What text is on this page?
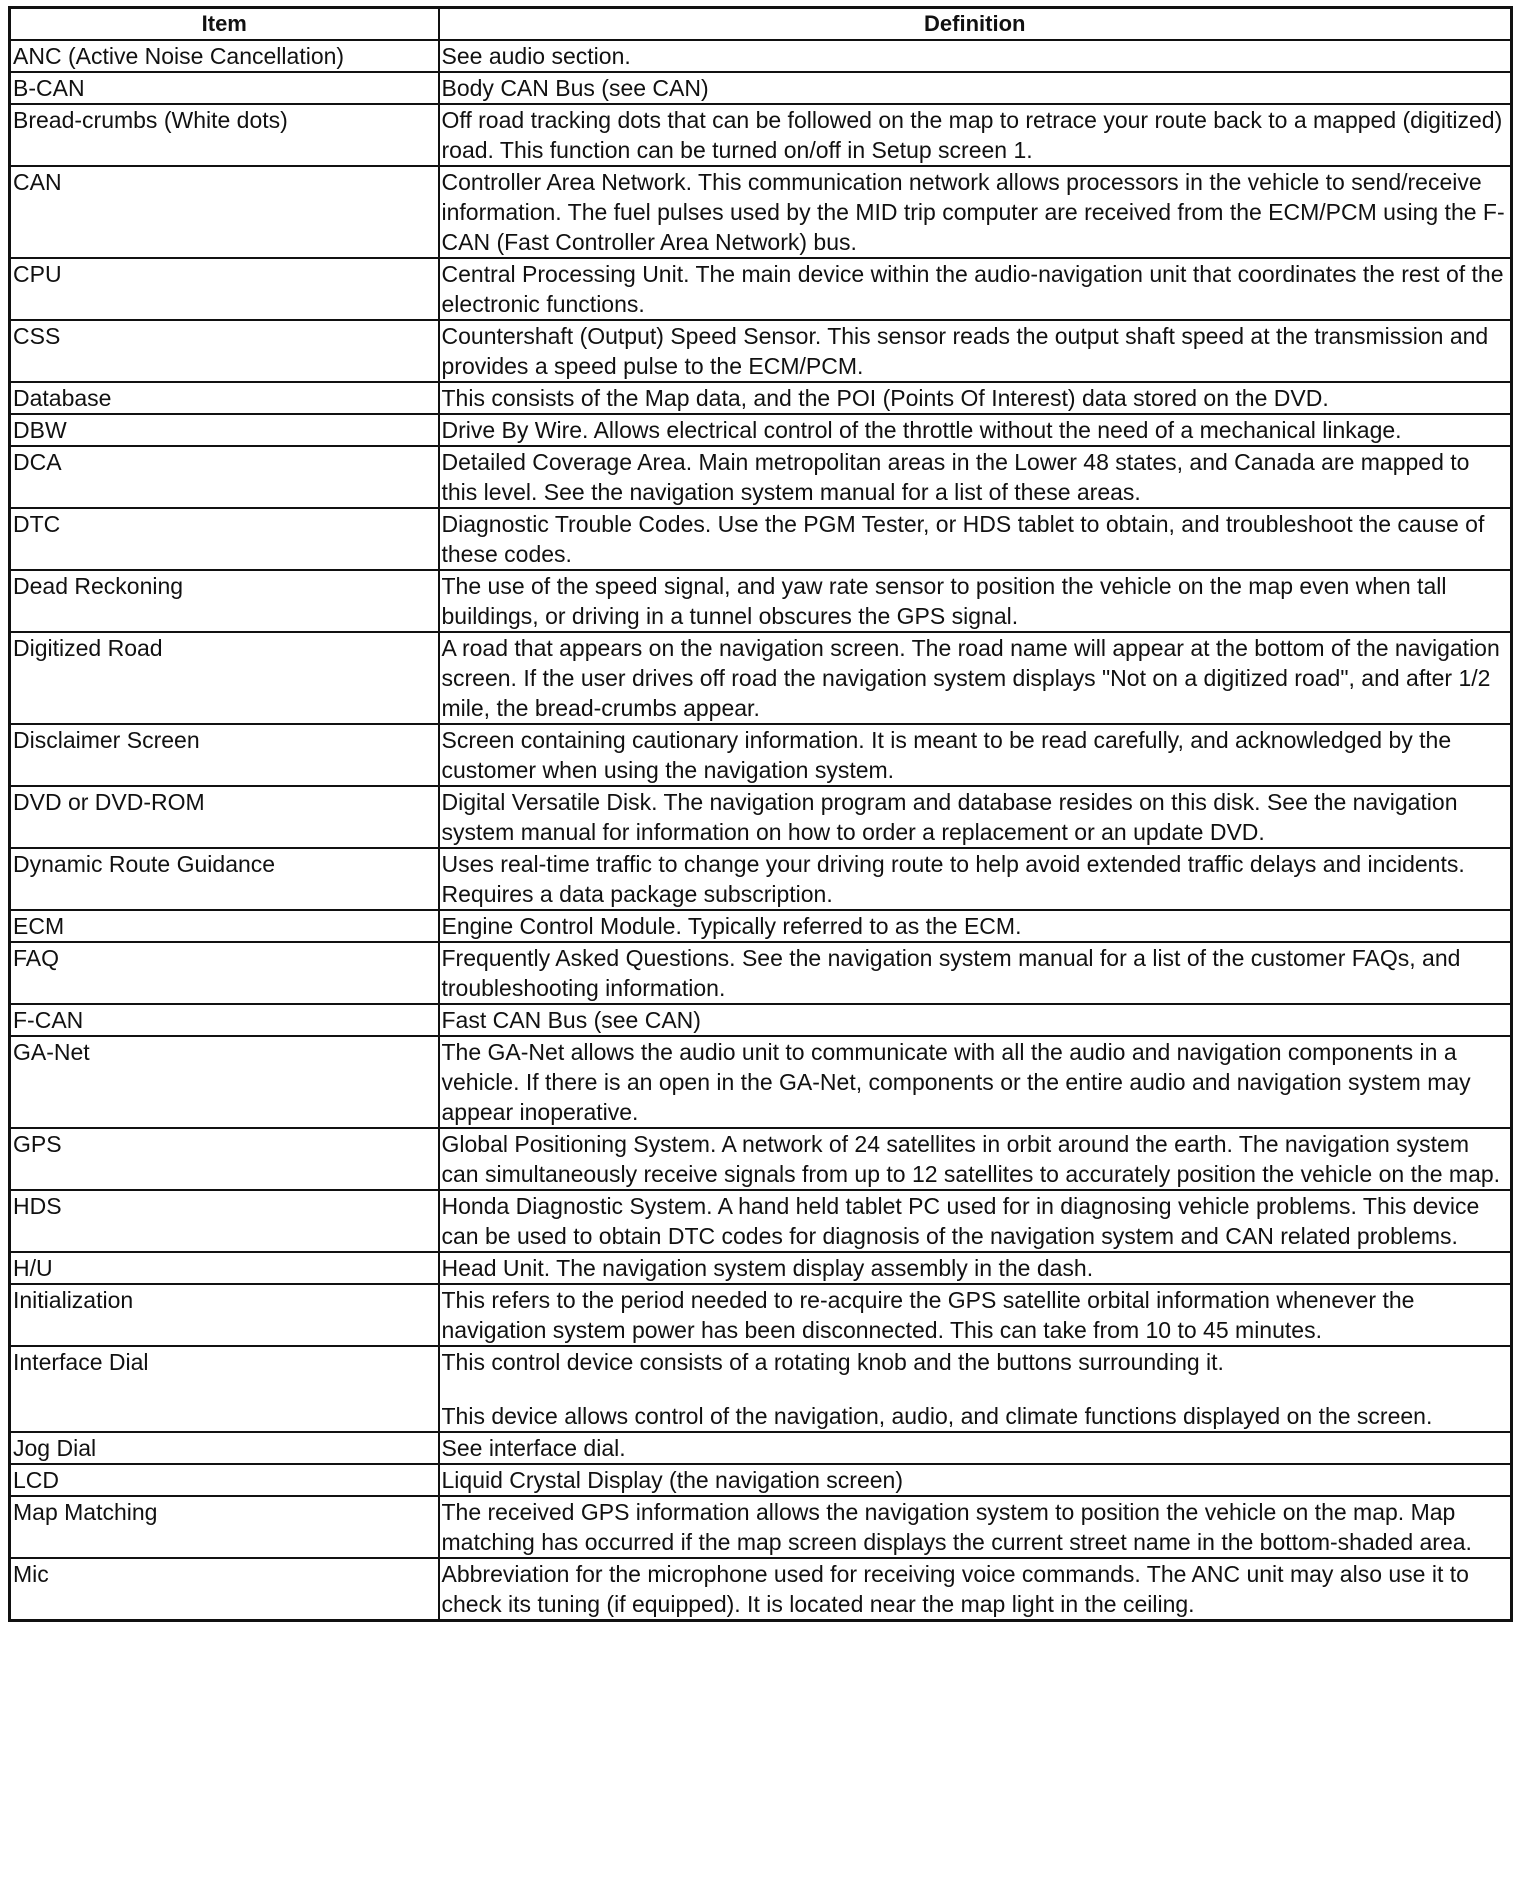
Item	Definition
ANC (Active Noise Cancellation)	See audio section.

B-CAN	Body CAN Bus (see CAN)

Bread-crumbs (White dots)	Off road tracking dots that can be followed on the map to retrace your route back to a mapped (digitized) road. This function can be turned on/off in Setup screen 1.

CAN	Controller Area Network. This communication network allows processors in the vehicle to send/receive information. The fuel pulses used by the MID trip computer are received from the ECM/PCM using the F-CAN (Fast Controller Area Network) bus.

CPU	Central Processing Unit. The main device within the audio-navigation unit that coordinates the rest of the electronic functions.

CSS	Countershaft (Output) Speed Sensor. This sensor reads the output shaft speed at the transmission and provides a speed pulse to the ECM/PCM.

Database	This consists of the Map data, and the POI (Points Of Interest) data stored on the DVD.

DBW	Drive By Wire. Allows electrical control of the throttle without the need of a mechanical linkage.

DCA	Detailed Coverage Area. Main metropolitan areas in the Lower 48 states, and Canada are mapped to this level. See the navigation system manual for a list of these areas.

DTC	Diagnostic Trouble Codes. Use the PGM Tester, or HDS tablet to obtain, and troubleshoot the cause of these codes.

Dead Reckoning	The use of the speed signal, and yaw rate sensor to position the vehicle on the map even when tall buildings, or driving in a tunnel obscures the GPS signal.

Digitized Road	A road that appears on the navigation screen. The road name will appear at the bottom of the navigation screen. If the user drives off road the navigation system displays "Not on a digitized road", and after 1/2 mile, the bread-crumbs appear.

Disclaimer Screen	Screen containing cautionary information. It is meant to be read carefully, and acknowledged by the customer when using the navigation system.

DVD or DVD-ROM	Digital Versatile Disk. The navigation program and database resides on this disk. See the navigation system manual for information on how to order a replacement or an update DVD.

Dynamic Route Guidance	Uses real-time traffic to change your driving route to help avoid extended traffic delays and incidents. Requires a data package subscription.

ECM	Engine Control Module. Typically referred to as the ECM.

FAQ	Frequently Asked Questions. See the navigation system manual for a list of the customer FAQs, and troubleshooting information.

F-CAN	Fast CAN Bus (see CAN)

GA-Net	The GA-Net allows the audio unit to communicate with all the audio and navigation components in a vehicle. If there is an open in the GA-Net, components or the entire audio and navigation system may appear inoperative.

GPS	Global Positioning System. A network of 24 satellites in orbit around the earth. The navigation system can simultaneously receive signals from up to 12 satellites to accurately position the vehicle on the map.

HDS	Honda Diagnostic System. A hand held tablet PC used for in diagnosing vehicle problems. This device can be used to obtain DTC codes for diagnosis of the navigation system and CAN related problems.

H/U	Head Unit. The navigation system display assembly in the dash.

Initialization	This refers to the period needed to re-acquire the GPS satellite orbital information whenever the navigation system power has been disconnected. This can take from 10 to 45 minutes.

Interface Dial	This control device consists of a rotating knob and the buttons surrounding it.
This device allows control of the navigation, audio, and climate functions displayed on the screen.

Jog Dial	See interface dial.

LCD	Liquid Crystal Display (the navigation screen)

Map Matching	The received GPS information allows the navigation system to position the vehicle on the map. Map matching has occurred if the map screen displays the current street name in the bottom-shaded area.

Mic	Abbreviation for the microphone used for receiving voice commands. The ANC unit may also use it to check its tuning (if equipped). It is located near the map light in the ceiling.
